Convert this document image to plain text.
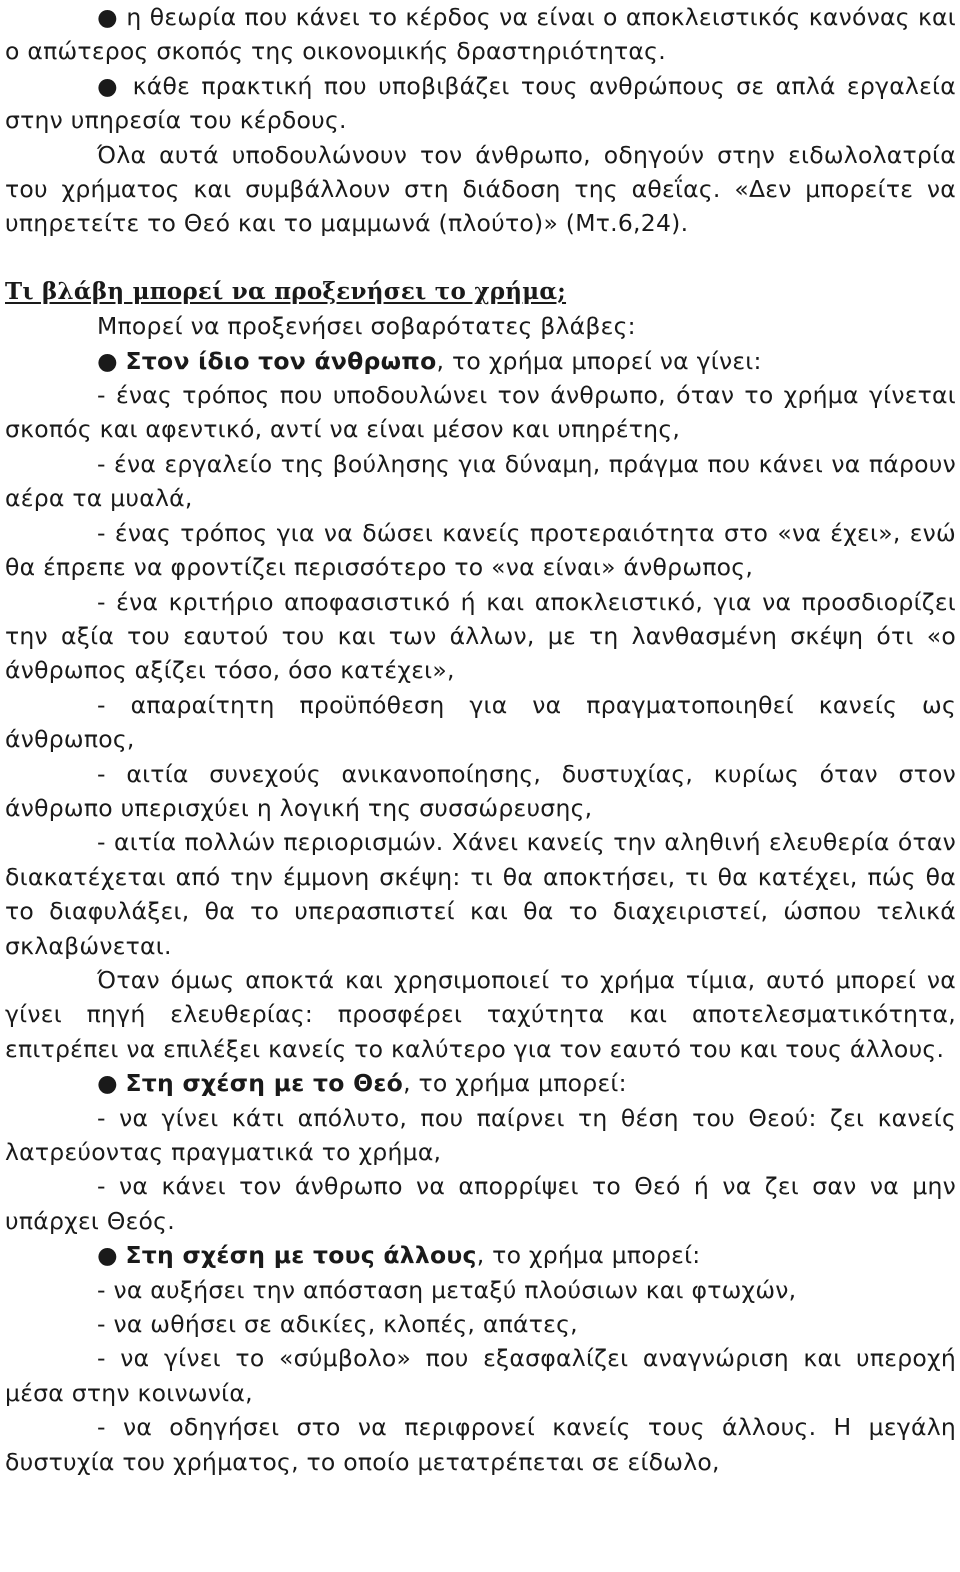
● η θεωρία που κάνει το κέρδος να είναι ο αποκλειστικός κανόνας και ο απώτερος σκοπός της οικονομικής δραστηριότητας.

● κάθε πρακτική που υποβιβάζει τους ανθρώπους σε απλά εργαλεία στην υπηρεσία του κέρδους.

Όλα αυτά υποδουλώνουν τον άνθρωπο, οδηγούν στην ειδωλολατρία του χρήματος και συμβάλλουν στη διάδοση της αθεΐας. «Δεν μπορείτε να υπηρετείτε το Θεό και το μαμμωνά (πλούτο)» (Μτ.6,24).

Τι βλάβη μπορεί να προξενήσει το χρήμα;

Μπορεί να προξενήσει σοβαρότατες βλάβες:

● Στον ίδιο τον άνθρωπο, το χρήμα μπορεί να γίνει:

- ένας τρόπος που υποδουλώνει τον άνθρωπο, όταν το χρήμα γίνεται σκοπός και αφεντικό, αντί να είναι μέσον και υπηρέτης,

- ένα εργαλείο της βούλησης για δύναμη, πράγμα που κάνει να πάρουν αέρα τα μυαλά,

- ένας τρόπος για να δώσει κανείς προτεραιότητα στο «να έχει», ενώ θα έπρεπε να φροντίζει περισσότερο το «να είναι» άνθρωπος,

- ένα κριτήριο αποφασιστικό ή και αποκλειστικό, για να προσδιορίζει την αξία του εαυτού του και των άλλων, με τη λανθασμένη σκέψη ότι «ο άνθρωπος αξίζει τόσο, όσο κατέχει»,

- απαραίτητη προϋπόθεση για να πραγματοποιηθεί κανείς ως άνθρωπος,

- αιτία συνεχούς ανικανοποίησης, δυστυχίας, κυρίως όταν στον άνθρωπο υπερισχύει η λογική της συσσώρευσης,

- αιτία πολλών περιορισμών. Χάνει κανείς την αληθινή ελευθερία όταν διακατέχεται από την έμμονη σκέψη: τι θα αποκτήσει, τι θα κατέχει, πώς θα το διαφυλάξει, θα το υπερασπιστεί και θα το διαχειριστεί, ώσπου τελικά σκλαβώνεται.

Όταν όμως αποκτά και χρησιμοποιεί το χρήμα τίμια, αυτό μπορεί να γίνει πηγή ελευθερίας: προσφέρει ταχύτητα και αποτελεσματικότητα, επιτρέπει να επιλέξει κανείς το καλύτερο για τον εαυτό του και τους άλλους.

● Στη σχέση με το Θεό, το χρήμα μπορεί:

- να γίνει κάτι απόλυτο, που παίρνει τη θέση του Θεού: ζει κανείς λατρεύοντας πραγματικά το χρήμα,

- να κάνει τον άνθρωπο να απορρίψει το Θεό ή να ζει σαν να μην υπάρχει Θεός.

● Στη σχέση με τους άλλους, το χρήμα μπορεί:

- να αυξήσει την απόσταση μεταξύ πλούσιων και φτωχών,

- να ωθήσει σε αδικίες, κλοπές, απάτες,

- να γίνει το «σύμβολο» που εξασφαλίζει αναγνώριση και υπεροχή μέσα στην κοινωνία,

- να οδηγήσει στο να περιφρονεί κανείς τους άλλους. Η μεγάλη δυστυχία του χρήματος, το οποίο μετατρέπεται σε είδωλο,
